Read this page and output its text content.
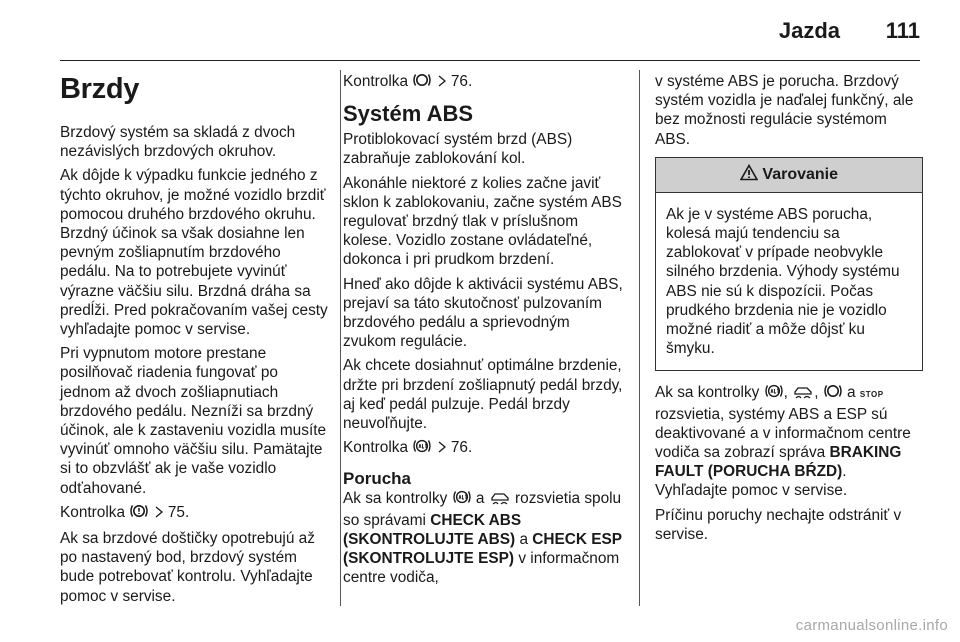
Jazda 111
Brzdy

Brzdový systém sa skladá z dvoch nezávislých brzdových okruhov.

Ak dôjde k výpadku funkcie jedného z týchto okruhov, je možné vozidlo brzdiť pomocou druhého brzdového okruhu. Brzdný účinok sa však dosiahne len pevným zošliapnutím brzdového pedálu. Na to potrebujete vyvinúť výrazne väčšiu silu. Brzdná dráha sa predĺži. Pred pokračovaním vašej cesty vyhľadajte pomoc v servise.

Pri vypnutom motore prestane posilňovač riadenia fungovať po jednom až dvoch zošliapnutiach brzdového pedálu. Nezníži sa brzdný účinok, ale k zastaveniu vozidla musíte vyvinúť omnoho väčšiu silu. Pamätajte si to obzvlášť ak je vaše vozidlo odťahované.

Kontrolka	75.

Ak sa brzdové doštičky opotrebujú až po nastavený bod, brzdový systém bude potrebovať kontrolu. Vyhľadajte pomoc v servise.

Kontrolka	76.

Systém ABS

Protiblokovací systém brzd (ABS) zabraňuje zablokování kol.

Akonáhle niektoré z kolies začne javiť sklon k zablokovaniu, začne systém ABS regulovať brzdný tlak v príslušnom kolese. Vozidlo zostane ovládateľné, dokonca i pri prudkom brzdení.

Hneď ako dôjde k aktivácii systému ABS, prejaví sa táto skutočnosť pulzovaním brzdového pedálu a sprievodným zvukom regulácie.

Ak chcete dosiahnuť optimálne brzdenie, držte pri brzdení zošliapnutý pedál brzdy, aj keď pedál pulzuje. Pedál brzdy neuvoľňujte.

Kontrolka	76.

Porucha

Ak sa kontrolky a rozsvietia spolu so správami CHECK ABS (SKONTROLUJTE ABS) a CHECK ESP (SKONTROLUJTE ESP) v informačnom centre vodiča,

v systéme ABS je porucha. Brzdový systém vozidla je naďalej funkčný, ale bez možnosti regulácie systémom ABS.

Varovanie
Ak je v systéme ABS porucha, kolesá majú tendenciu sa zablokovať v prípade neobvykle silného brzdenia. Výhody systému ABS nie sú k dispozícii. Počas prudkého brzdenia nie je vozidlo možné riadiť a môže dôjsť ku šmyku.

Ak sa kontrolky , ,  a STOP rozsvietia, systémy ABS a ESP sú deaktivované a v informačnom centre vodiča sa zobrazí správa BRAKING FAULT (PORUCHA BŔZD).
Vyhľadajte pomoc v servise.

Príčinu poruchy nechajte odstrániť v servise.

carmanualsonline.info
